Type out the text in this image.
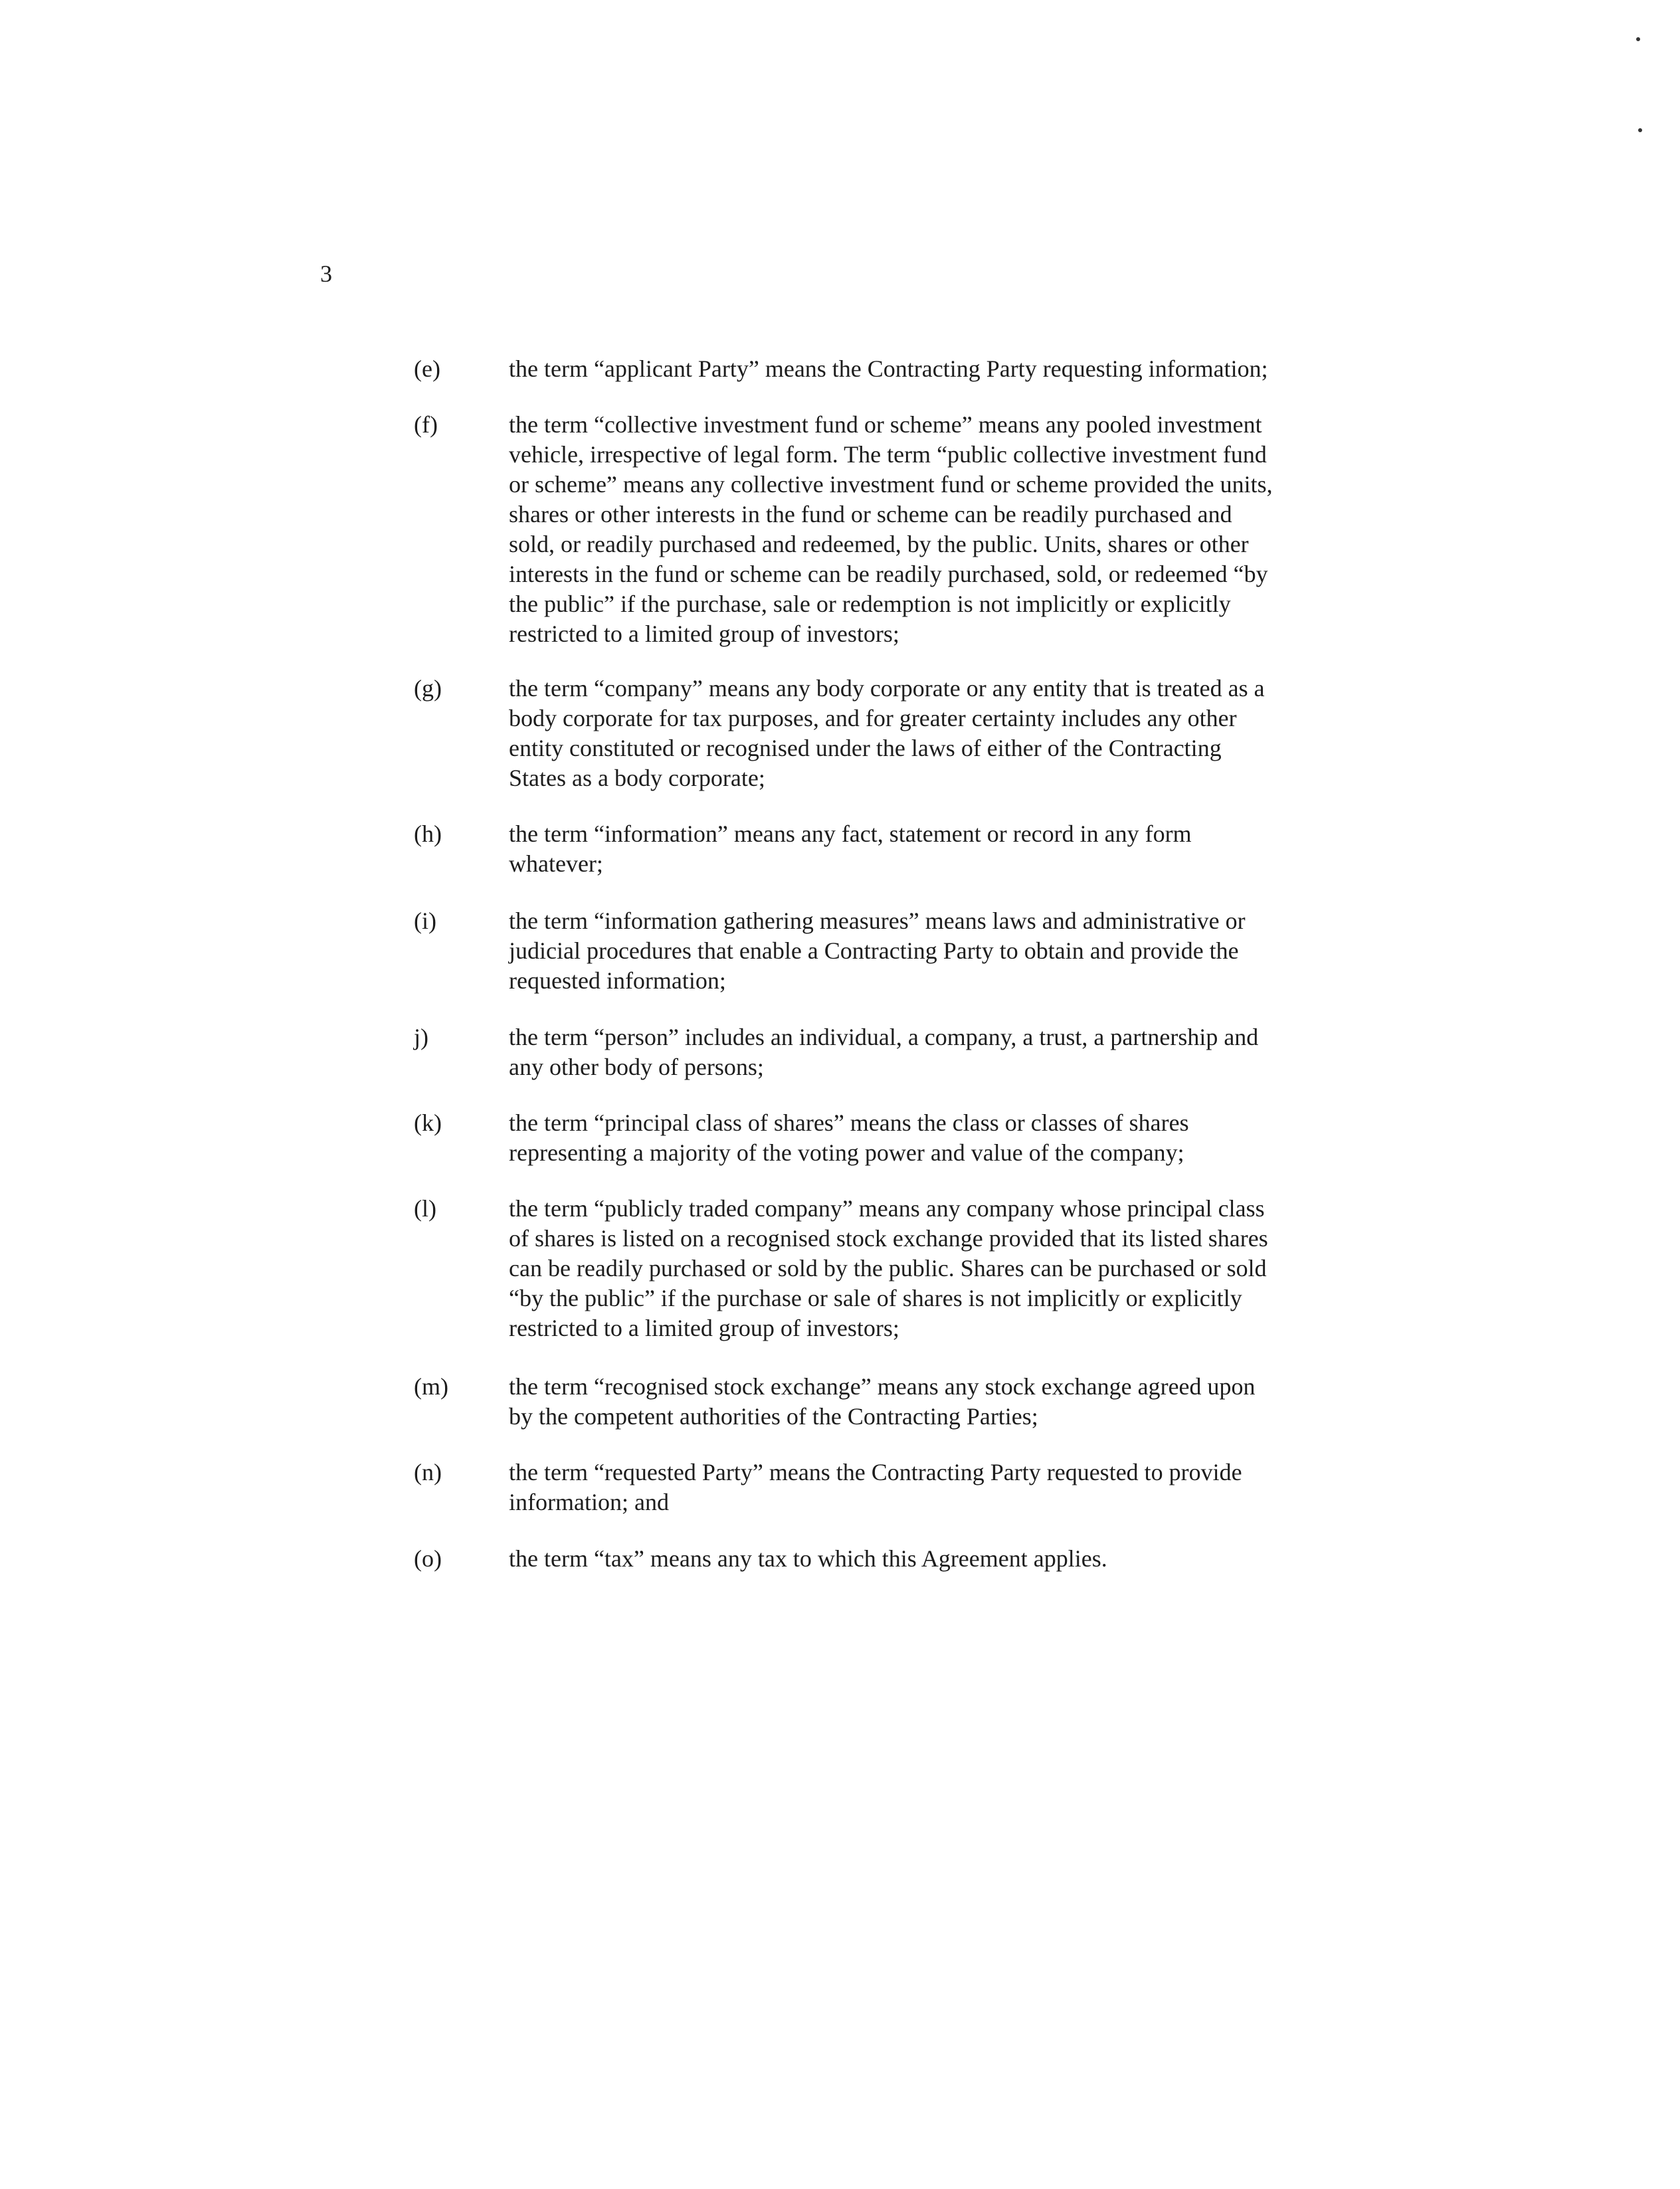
3
(e)	the term “applicant Party” means the Contracting Party requesting information;
(f)	the term “collective investment fund or scheme” means any pooled investment
vehicle, irrespective of legal form. The term “public collective investment fund
or scheme” means any collective investment fund or scheme provided the units,
shares or other interests in the fund or scheme can be readily purchased and
sold, or readily purchased and redeemed, by the public. Units, shares or other
interests in the fund or scheme can be readily purchased, sold, or redeemed “by
the public” if the purchase, sale or redemption is not implicitly or explicitly
restricted to a limited group of investors;
(g)	the term “company” means any body corporate or any entity that is treated as a
body corporate for tax purposes, and for greater certainty includes any other
entity constituted or recognised under the laws of either of the Contracting
States as a body corporate;
(h)	the term “information” means any fact, statement or record in any form
whatever;
(i)	the term “information gathering measures” means laws and administrative or
judicial procedures that enable a Contracting Party to obtain and provide the
requested information;
j)	the term “person” includes an individual, a company, a trust, a partnership and
any other body of persons;
(k)	the term “principal class of shares” means the class or classes of shares
representing a majority of the voting power and value of the company;
(l)	the term “publicly traded company” means any company whose principal class
of shares is listed on a recognised stock exchange provided that its listed shares
can be readily purchased or sold by the public. Shares can be purchased or sold
“by the public” if the purchase or sale of shares is not implicitly or explicitly
restricted to a limited group of investors;
(m)	the term “recognised stock exchange” means any stock exchange agreed upon
by the competent authorities of the Contracting Parties;
(n)	the term “requested Party” means the Contracting Party requested to provide
information; and
(o)	the term “tax” means any tax to which this Agreement applies.
